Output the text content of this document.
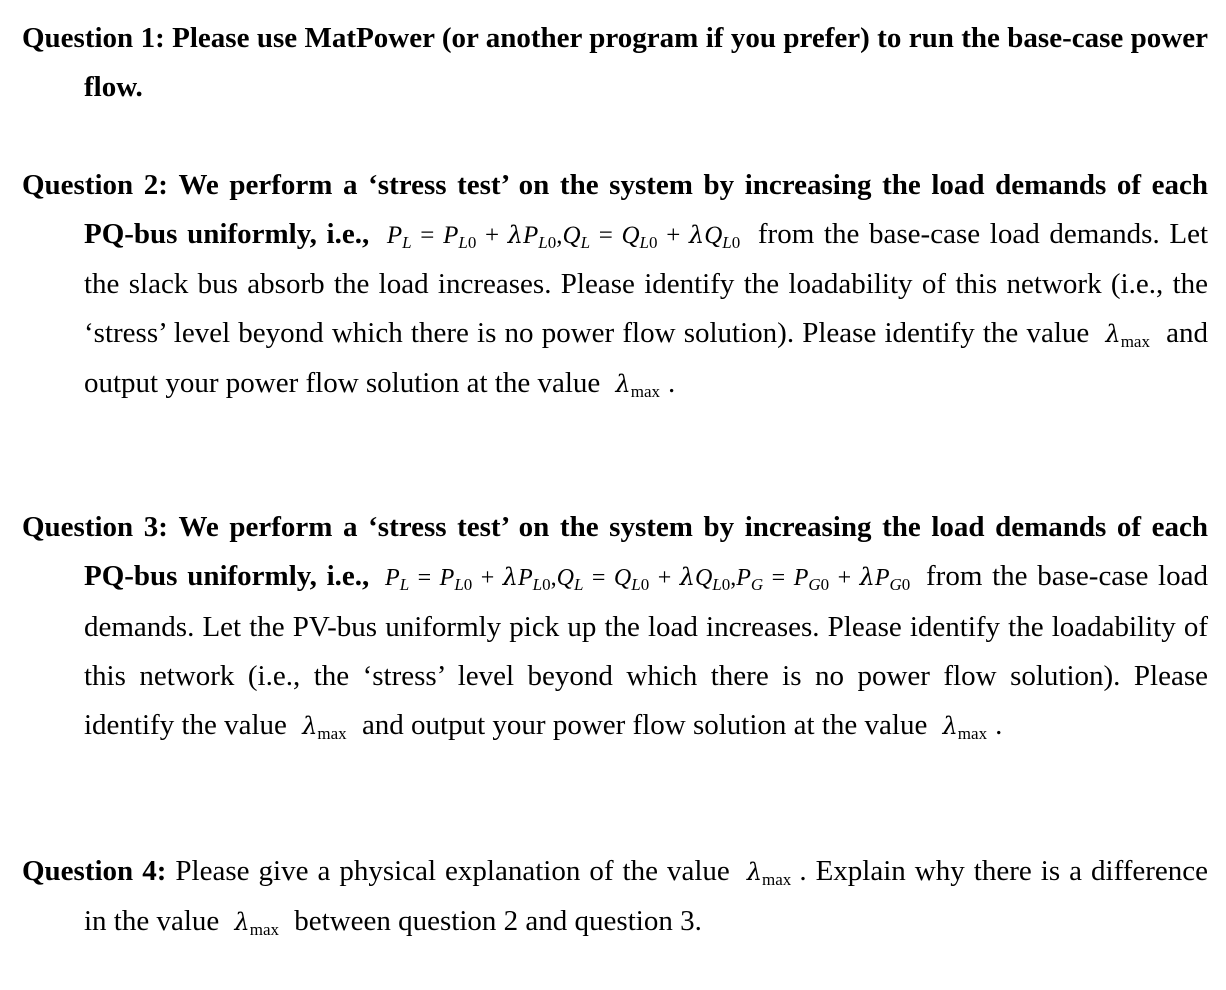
Question 1: Please use MatPower (or another program if you prefer) to run the base-case power flow.

Question 2: We perform a ‘stress test’ on the system by increasing the load demands of each PQ-bus uniformly, i.e., $P_L = P_{L0} + \lambda P_{L0},Q_L = Q_{L0} + \lambda Q_{L0}$ from the base-case load demands. Let the slack bus absorb the load increases. Please identify the loadability of this network (i.e., the ‘stress’ level beyond which there is no power flow solution). Please identify the value $\lambda_{max}$ and output your power flow solution at the value $\lambda_{max}$ .

Question 3: We perform a ‘stress test’ on the system by increasing the load demands of each PQ-bus uniformly, i.e., $P_L = P_{L0} + \lambda P_{L0},Q_L = Q_{L0} + \lambda Q_{L0},P_G = P_{G0} + \lambda P_{G0}$ from the base-case load demands. Let the PV-bus uniformly pick up the load increases. Please identify the loadability of this network (i.e., the ‘stress’ level beyond which there is no power flow solution). Please identify the value $\lambda_{max}$ and output your power flow solution at the value $\lambda_{max}$ .

Question 4: Please give a physical explanation of the value $\lambda_{max}$ . Explain why there is a difference in the value $\lambda_{max}$ between question 2 and question 3.
